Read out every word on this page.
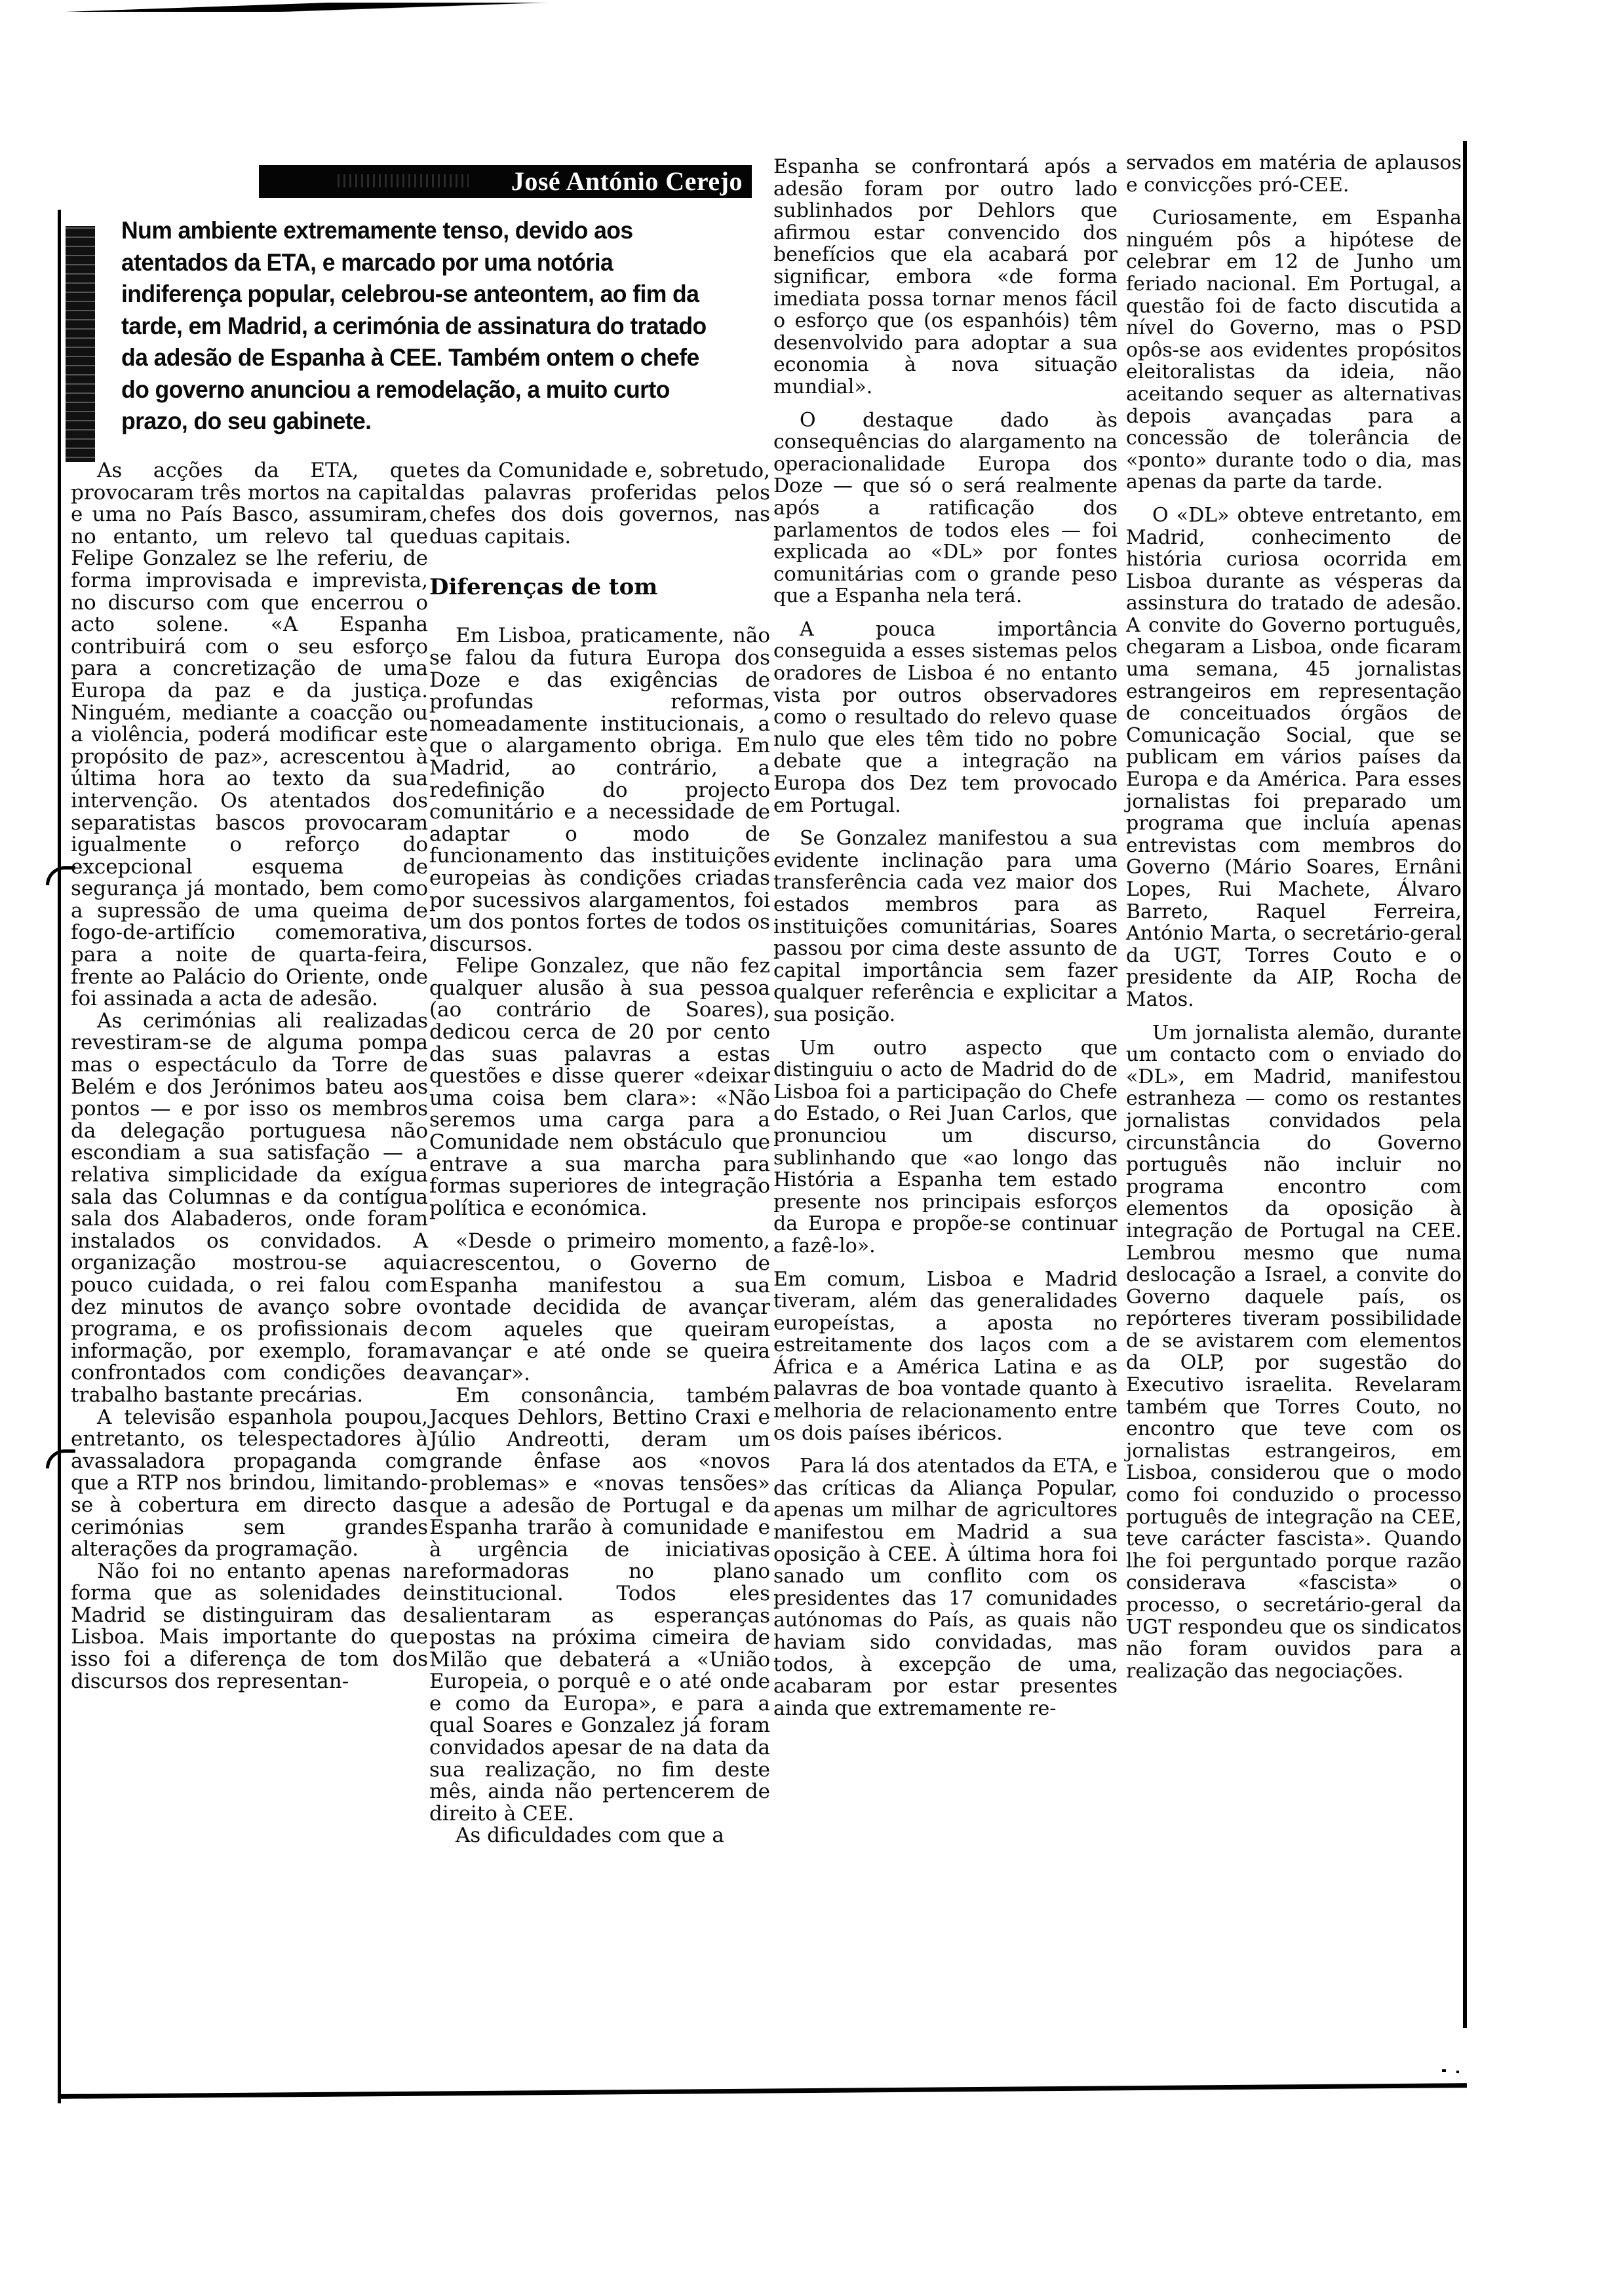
José António Cerejo
Num ambiente extremamente tenso, devido aos atentados da ETA, e marcado por uma notória indiferença popular, celebrou-se anteontem, ao fim da tarde, em Madrid, a cerimónia de assinatura do tratado da adesão de Espanha à CEE. Também ontem o chefe do governo anunciou a remodelação, a muito curto prazo, do seu gabinete.

As acções da ETA, que provocaram três mortos na capital e uma no País Basco, assumiram, no entanto, um relevo tal que Felipe Gonzalez se lhe referiu, de forma improvisada e imprevista, no discurso com que encerrou o acto solene. «A Espanha contribuirá com o seu esforço para a concretização de uma Europa da paz e da justiça. Ninguém, mediante a coacção ou a violência, poderá modificar este propósito de paz», acrescentou à última hora ao texto da sua intervenção. Os atentados dos separatistas bascos provocaram igualmente o reforço do excepcional esquema de segurança já montado, bem como a supressão de uma queima de fogo-de-artifício comemorativa, para a noite de quarta-feira, frente ao Palácio do Oriente, onde foi assinada a acta de adesão.

As cerimónias ali realizadas revestiram-se de alguma pompa mas o espectáculo da Torre de Belém e dos Jerónimos bateu aos pontos — e por isso os membros da delegação portuguesa não escondiam a sua satisfação — a relativa simplicidade da exígua sala das Columnas e da contígua sala dos Alabaderos, onde foram instalados os convidados. A organização mostrou-se aqui pouco cuidada, o rei falou com dez minutos de avanço sobre o programa, e os profissionais de informação, por exemplo, foram confrontados com condições de trabalho bastante precárias.

A televisão espanhola poupou, entretanto, os telespectadores à avassaladora propaganda com que a RTP nos brindou, limitando-se à cobertura em directo das cerimónias sem grandes alterações da programação.

Não foi no entanto apenas na forma que as solenidades de Madrid se distinguiram das de Lisboa. Mais importante do que isso foi a diferença de tom dos discursos dos representan-

tes da Comunidade e, sobretudo, das palavras proferidas pelos chefes dos dois governos, nas duas capitais.

Diferenças de tom

Em Lisboa, praticamente, não se falou da futura Europa dos Doze e das exigências de profundas reformas, nomeadamente institucionais, a que o alargamento obriga. Em Madrid, ao contrário, a redefinição do projecto comunitário e a necessidade de adaptar o modo de funcionamento das instituições europeias às condições criadas por sucessivos alargamentos, foi um dos pontos fortes de todos os discursos.

Felipe Gonzalez, que não fez qualquer alusão à sua pessoa (ao contrário de Soares), dedicou cerca de 20 por cento das suas palavras a estas questões e disse querer «deixar uma coisa bem clara»: «Não seremos uma carga para a Comunidade nem obstáculo que entrave a sua marcha para formas superiores de integração política e económica.

«Desde o primeiro momento, acrescentou, o Governo de Espanha manifestou a sua vontade decidida de avançar com aqueles que queiram avançar e até onde se queira avançar».

Em consonância, também Jacques Dehlors, Bettino Craxi e Júlio Andreotti, deram um grande ênfase aos «novos problemas» e «novas tensões» que a adesão de Portugal e da Espanha trarão à comunidade e à urgência de iniciativas reformadoras no plano institucional. Todos eles salientaram as esperanças postas na próxima cimeira de Milão que debaterá a «União Europeia, o porquê e o até onde e como da Europa», e para a qual Soares e Gonzalez já foram convidados apesar de na data da sua realização, no fim deste mês, ainda não pertencerem de direito à CEE.

As dificuldades com que a

Espanha se confrontará após a adesão foram por outro lado sublinhados por Dehlors que afirmou estar convencido dos benefícios que ela acabará por significar, embora «de forma imediata possa tornar menos fácil o esforço que (os espanhóis) têm desenvolvido para adoptar a sua economia à nova situação mundial».

O destaque dado às consequências do alargamento na operacionalidade Europa dos Doze — que só o será realmente após a ratificação dos parlamentos de todos eles — foi explicada ao «DL» por fontes comunitárias com o grande peso que a Espanha nela terá.

A pouca importância conseguida a esses sistemas pelos oradores de Lisboa é no entanto vista por outros observadores como o resultado do relevo quase nulo que eles têm tido no pobre debate que a integração na Europa dos Dez tem provocado em Portugal.

Se Gonzalez manifestou a sua evidente inclinação para uma transferência cada vez maior dos estados membros para as instituições comunitárias, Soares passou por cima deste assunto de capital importância sem fazer qualquer referência e explicitar a sua posição.

Um outro aspecto que distinguiu o acto de Madrid do de Lisboa foi a participação do Chefe do Estado, o Rei Juan Carlos, que pronunciou um discurso, sublinhando que «ao longo das História a Espanha tem estado presente nos principais esforços da Europa e propõe-se continuar a fazê-lo».

Em comum, Lisboa e Madrid tiveram, além das generalidades europeístas, a aposta no estreitamente dos laços com a África e a América Latina e as palavras de boa vontade quanto à melhoria de relacionamento entre os dois países ibéricos.

Para lá dos atentados da ETA, e das críticas da Aliança Popular, apenas um milhar de agricultores manifestou em Madrid a sua oposição à CEE. À última hora foi sanado um conflito com os presidentes das 17 comunidades autónomas do País, as quais não haviam sido convidadas, mas todos, à excepção de uma, acabaram por estar presentes ainda que extremamente re-

servados em matéria de aplausos e convicções pró-CEE.

Curiosamente, em Espanha ninguém pôs a hipótese de celebrar em 12 de Junho um feriado nacional. Em Portugal, a questão foi de facto discutida a nível do Governo, mas o PSD opôs-se aos evidentes propósitos eleitoralistas da ideia, não aceitando sequer as alternativas depois avançadas para a concessão de tolerância de «ponto» durante todo o dia, mas apenas da parte da tarde.

O «DL» obteve entretanto, em Madrid, conhecimento de história curiosa ocorrida em Lisboa durante as vésperas da assinstura do tratado de adesão. A convite do Governo português, chegaram a Lisboa, onde ficaram uma semana, 45 jornalistas estrangeiros em representação de conceituados órgãos de Comunicação Social, que se publicam em vários países da Europa e da América. Para esses jornalistas foi preparado um programa que incluía apenas entrevistas com membros do Governo (Mário Soares, Ernâni Lopes, Rui Machete, Álvaro Barreto, Raquel Ferreira, António Marta, o secretário-geral da UGT, Torres Couto e o presidente da AIP, Rocha de Matos.

Um jornalista alemão, durante um contacto com o enviado do «DL», em Madrid, manifestou estranheza — como os restantes jornalistas convidados pela circunstância do Governo português não incluir no programa encontro com elementos da oposição à integração de Portugal na CEE. Lembrou mesmo que numa deslocação a Israel, a convite do Governo daquele país, os repórteres tiveram possibilidade de se avistarem com elementos da OLP, por sugestão do Executivo israelita. Revelaram também que Torres Couto, no encontro que teve com os jornalistas estrangeiros, em Lisboa, considerou que o modo como foi conduzido o processo português de integração na CEE, teve carácter fascista». Quando lhe foi perguntado porque razão considerava «fascista» o processo, o secretário-geral da UGT respondeu que os sindicatos não foram ouvidos para a realização das negociações.
